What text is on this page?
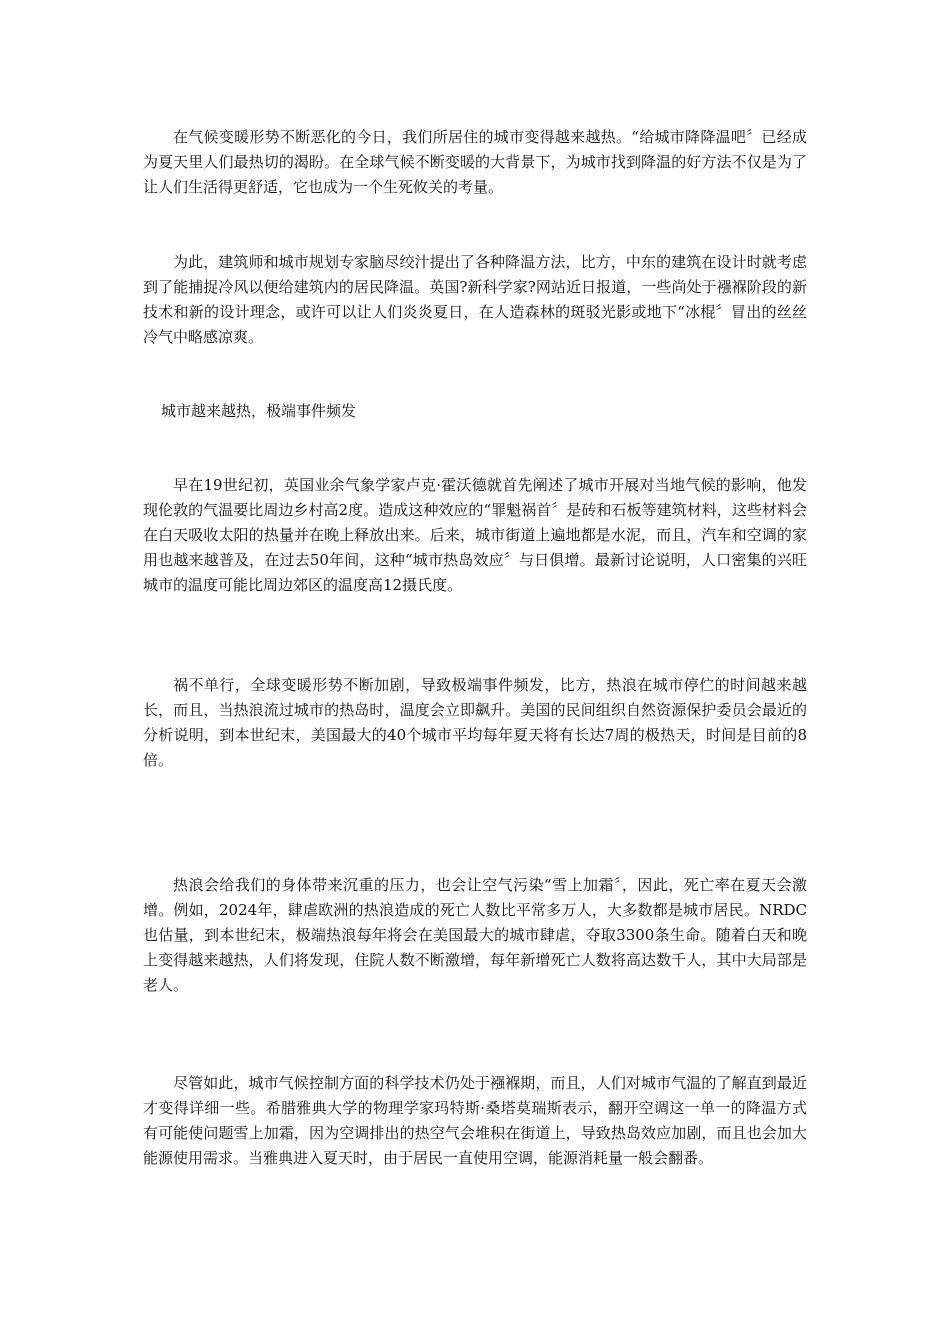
在气候变暖形势不断恶化的今日，我们所居住的城市变得越来越热。“给城市降降温吧〞已经成为夏天里人们最热切的渴盼。在全球气候不断变暖的大背景下，为城市找到降温的好方法不仅是为了让人们生活得更舒适，它也成为一个生死攸关的考量。

为此，建筑师和城市规划专家脑尽绞汁提出了各种降温方法，比方，中东的建筑在设计时就考虑到了能捕捉冷风以便给建筑内的居民降温。英国?新科学家?网站近日报道，一些尚处于襁褓阶段的新技术和新的设计理念，或许可以让人们炎炎夏日，在人造森林的斑驳光影或地下“冰棍〞冒出的丝丝冷气中略感凉爽。

城市越来越热，极端事件频发

早在19世纪初，英国业余气象学家卢克·霍沃德就首先阐述了城市开展对当地气候的影响，他发现伦敦的气温要比周边乡村高2度。造成这种效应的“罪魁祸首〞是砖和石板等建筑材料，这些材料会在白天吸收太阳的热量并在晚上释放出来。后来，城市街道上遍地都是水泥，而且，汽车和空调的家用也越来越普及，在过去50年间，这种“城市热岛效应〞与日俱增。最新讨论说明，人口密集的兴旺城市的温度可能比周边郊区的温度高12摄氏度。

祸不单行，全球变暖形势不断加剧，导致极端事件频发，比方，热浪在城市停伫的时间越来越长，而且，当热浪流过城市的热岛时，温度会立即飙升。美国的民间组织自然资源保护委员会最近的分析说明，到本世纪末，美国最大的40个城市平均每年夏天将有长达7周的极热天，时间是目前的8倍。

热浪会给我们的身体带来沉重的压力，也会让空气污染“雪上加霜〞，因此，死亡率在夏天会激增。例如，2024年，肆虐欧洲的热浪造成的死亡人数比平常多万人，大多数都是城市居民。NRDC也估量，到本世纪末，极端热浪每年将会在美国最大的城市肆虐，夺取3300条生命。随着白天和晚上变得越来越热，人们将发现，住院人数不断激增，每年新增死亡人数将高达数千人，其中大局部是老人。

尽管如此，城市气候控制方面的科学技术仍处于襁褓期，而且，人们对城市气温的了解直到最近才变得详细一些。希腊雅典大学的物理学家玛特斯·桑塔莫瑞斯表示，翻开空调这一单一的降温方式有可能使问题雪上加霜，因为空调排出的热空气会堆积在街道上，导致热岛效应加剧，而且也会加大能源使用需求。当雅典进入夏天时，由于居民一直使用空调，能源消耗量一般会翻番。
